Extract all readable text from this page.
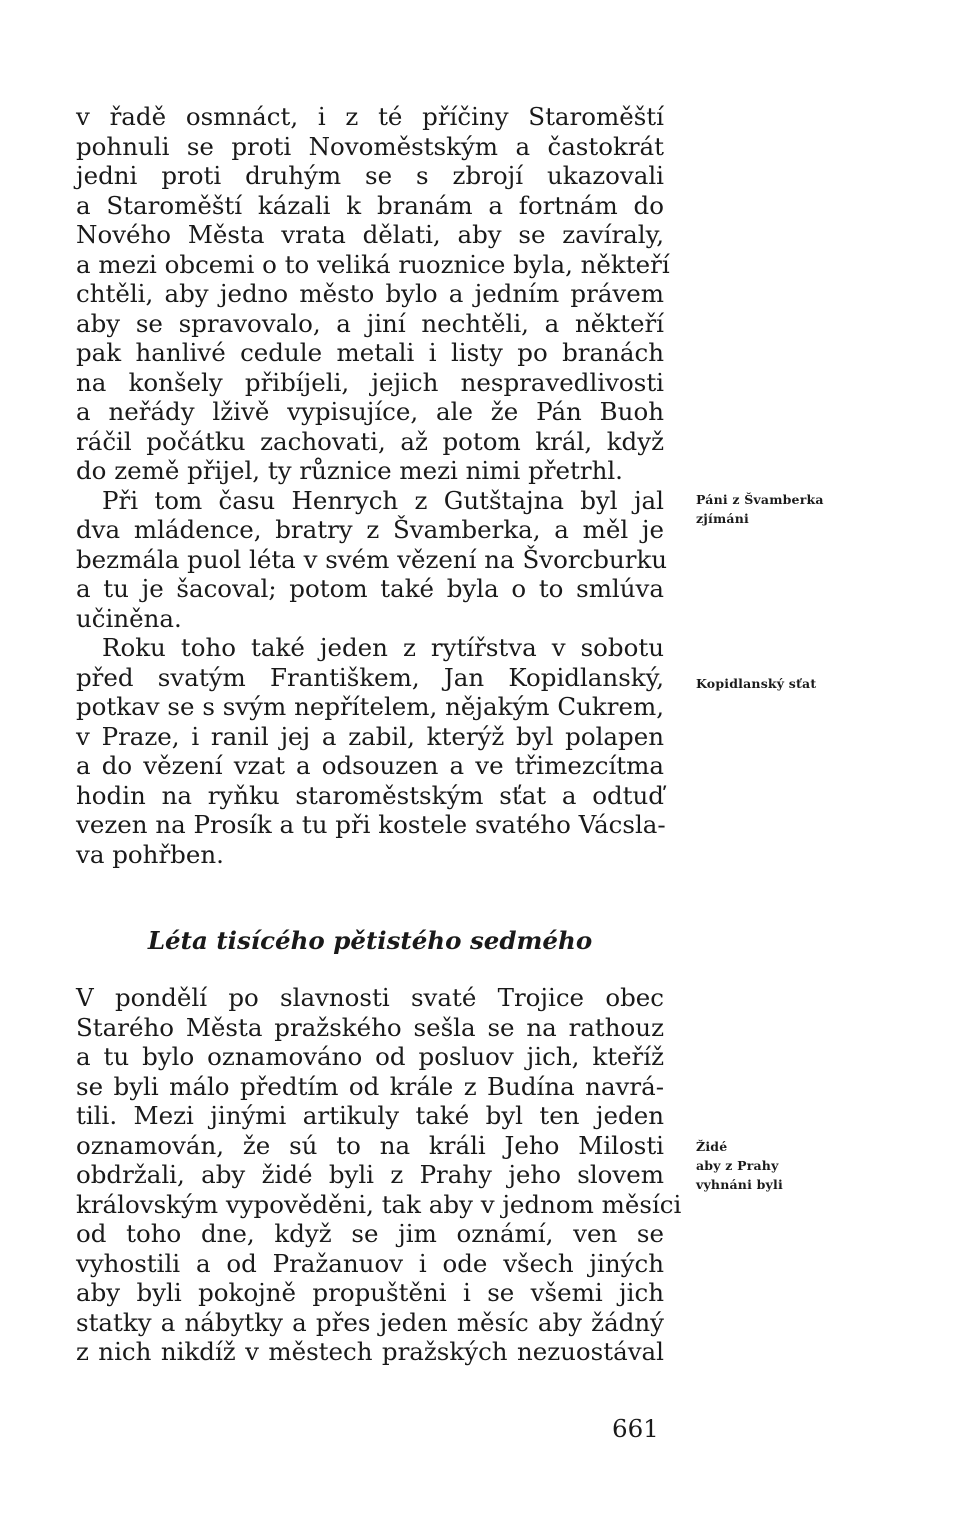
v řadě osmnáct, i z té příčiny Staroměští
pohnuli se proti Novoměstským a častokrát
jedni proti druhým se s zbrojí ukazovali
a Staroměští kázali k branám a fortnám do
Nového Města vrata dělati, aby se zavíraly,
a mezi obcemi o to veliká ruoznice byla, někteří
chtěli, aby jedno město bylo a jedním právem
aby se spravovalo, a jiní nechtěli, a někteří
pak hanlivé cedule metali i listy po branách
na konšely přibíjeli, jejich nespravedlivosti
a neřády lživě vypisujíce, ale že Pán Buoh
ráčil počátku zachovati, až potom král, když
do země přijel, ty různice mezi nimi přetrhl.

Při tom času Henrych z Gutštajna byl jal
dva mládence, bratry z Švamberka, a měl je
bezmála puol léta v svém vězení na Švorcburku
a tu je šacoval; potom také byla o to smlúva
učiněna.

Roku toho také jeden z rytířstva v sobotu
před svatým Františkem, Jan Kopidlanský,
potkav se s svým nepřítelem, nějakým Cukrem,
v Praze, i ranil jej a zabil, kterýž byl polapen
a do vězení vzat a odsouzen a ve třimezcítma
hodin na ryňku staroměstským sťat a odtuď
vezen na Prosík a tu při kostele svatého Vácsla-
va pohřben.

Léta tisícého pětistého sedmého

V pondělí po slavnosti svaté Trojice obec
Starého Města pražského sešla se na rathouz
a tu bylo oznamováno od posluov jich, kteříž
se byli málo předtím od krále z Budína navrá-
tili. Mezi jinými artikuly také byl ten jeden
oznamován, že sú to na králi Jeho Milosti
obdržali, aby židé byli z Prahy jeho slovem
královským vypověděni, tak aby v jednom měsíci
od toho dne, když se jim oznámí, ven se
vyhostili a od Pražanuov i ode všech jiných
aby byli pokojně propuštěni i se všemi jich
statky a nábytky a přes jeden měsíc aby žádný
z nich nikdíž v městech pražských nezuostával

Páni z Švamberka
zjímáni
Kopidlanský sťat
Židé
aby z Prahy
vyhnáni byli
661
